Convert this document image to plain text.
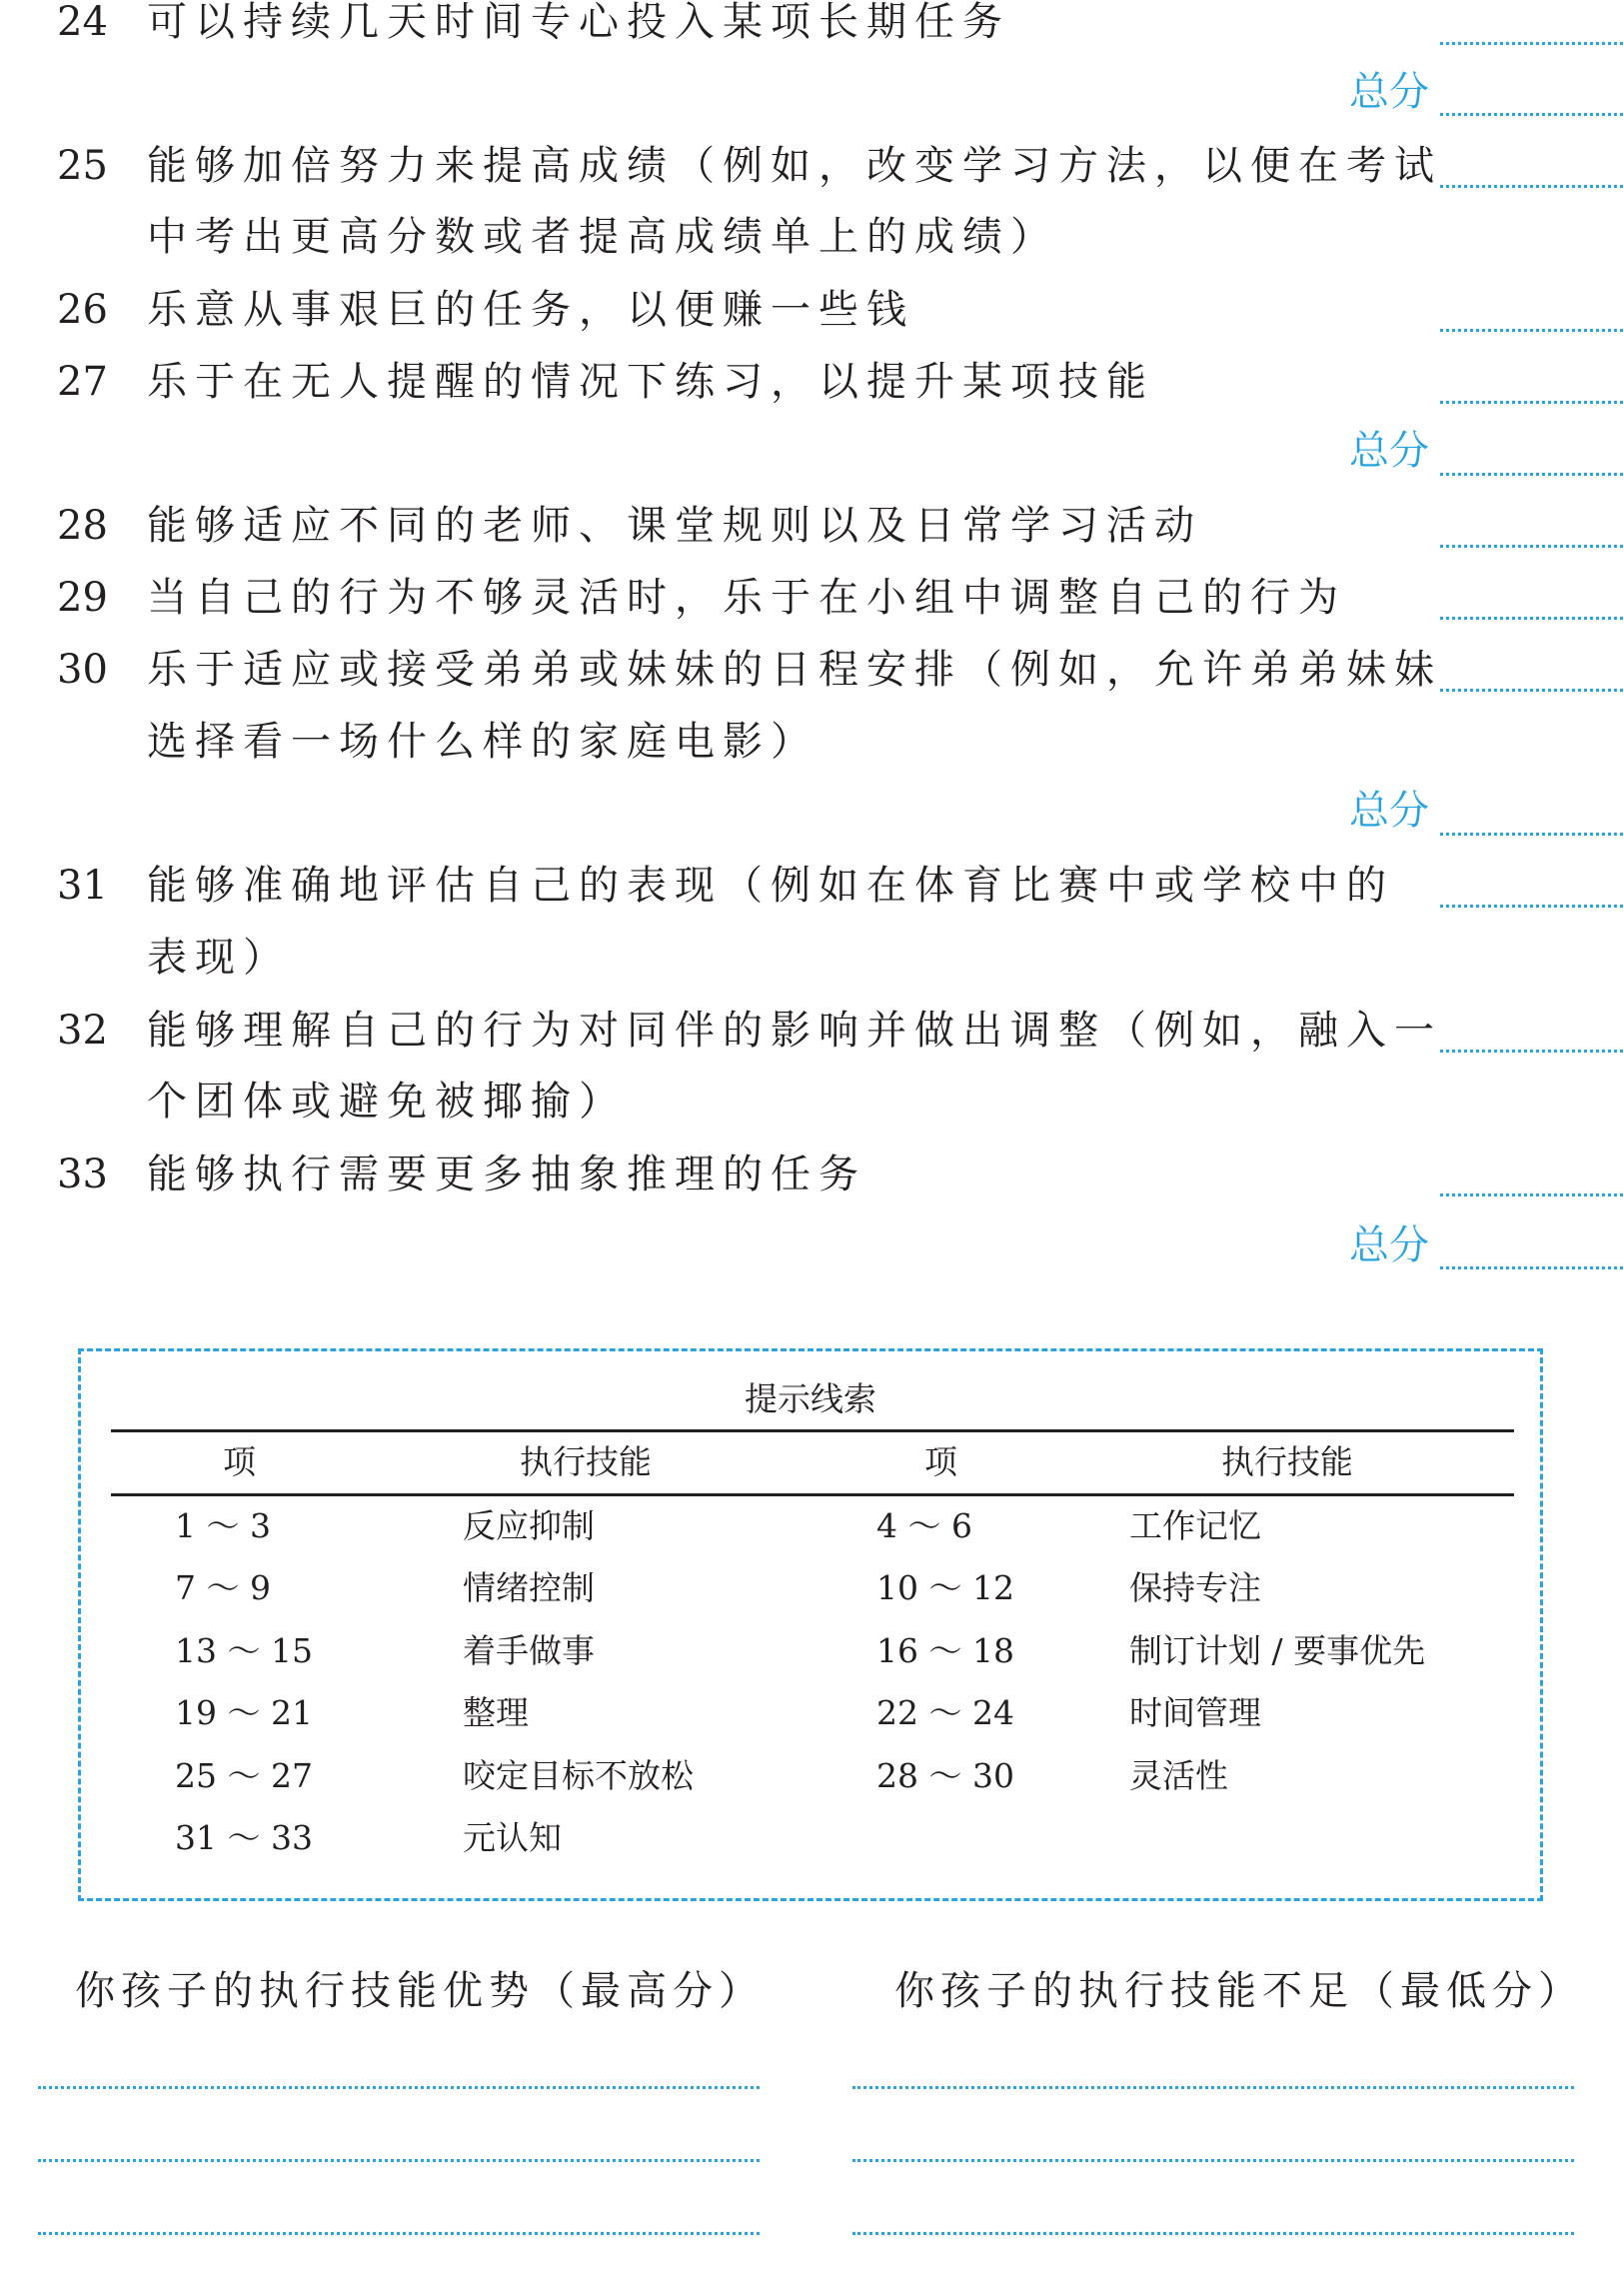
24 可以持续几天时间专心投入某项长期任务
总分
25 能够加倍努力来提高成绩（例如，改变学习方法，以便在考试
中考出更高分数或者提高成绩单上的成绩）
26 乐意从事艰巨的任务，以便赚一些钱
27 乐于在无人提醒的情况下练习，以提升某项技能
总分
28 能够适应不同的老师、课堂规则以及日常学习活动
29 当自己的行为不够灵活时，乐于在小组中调整自己的行为
30 乐于适应或接受弟弟或妹妹的日程安排（例如，允许弟弟妹妹
选择看一场什么样的家庭电影）
总分
31 能够准确地评估自己的表现（例如在体育比赛中或学校中的
表现）
32 能够理解自己的行为对同伴的影响并做出调整（例如，融入一
个团体或避免被揶揄）
33 能够执行需要更多抽象推理的任务
总分
提示线索
项	执行技能	项	执行技能
1 ～ 3	反应抑制	4 ～ 6	工作记忆
7 ～ 9	情绪控制	10 ～ 12	保持专注
13 ～ 15	着手做事	16 ～ 18	制订计划 / 要事优先
19 ～ 21	整理	22 ～ 24	时间管理
25 ～ 27	咬定目标不放松	28 ～ 30	灵活性
31 ～ 33	元认知
你孩子的执行技能优势（最高分）	你孩子的执行技能不足（最低分）
